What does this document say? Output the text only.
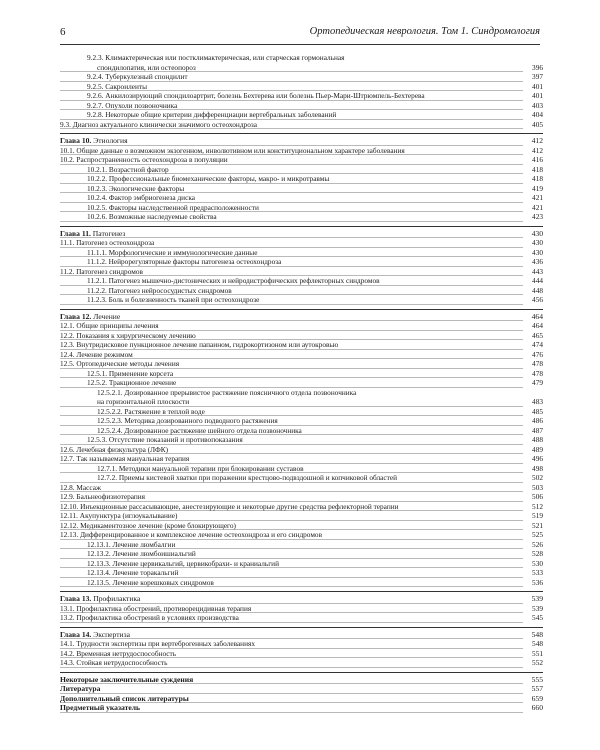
6	Ортопедическая неврология. Том 1. Синдромология
9.2.3. Климактерическая или постклимактерическая, или старческая гормональная
спондилопатия, или остеопороз	396
9.2.4. Туберкулезный спондилит	397
9.2.5. Сакроилеиты	401
9.2.6. Анкилозирующий спондилоартрит, болезнь Бехтерева или болезнь Пьер-Мари-Штрюмпель-Бехтерева	401
9.2.7. Опухоли позвоночника	403
9.2.8. Некоторые общие критерии дифференциации вертебральных заболеваний	404
9.3. Диагноз актуального клинически значимого остеохондроза	405
Глава 10. Этиология	412
10.1. Общие данные о возможном экзогенном, инволютивном или конституциональном характере заболевания	412
10.2. Распространенность остеохондроза в популяции	416
10.2.1. Возрастной фактор	418
10.2.2. Профессиональные биомеханические факторы, макро- и микротравмы	418
10.2.3. Экологические факторы	419
10.2.4. Фактор эмбриогенеза диска	421
10.2.5. Факторы наследственной предрасположенности	421
10.2.6. Возможные наследуемые свойства	423
Глава 11. Патогенез	430
11.1. Патогенез остеохондроза	430
11.1.1. Морфологические и иммунологические данные	430
11.1.2. Нейрорегуляторные факторы патогенеза остеохондроза	436
11.2. Патогенез синдромов	443
11.2.1. Патогенез мышечно-дистонических и нейродистрофических рефлекторных синдромов	444
11.2.2. Патогенез нейрососудистых синдромов	448
11.2.3. Боль и болезненность тканей при остеохондрозе	456
Глава 12. Лечение	464
12.1. Общие принципы лечения	464
12.2. Показания к хирургическому лечению	465
12.3. Внутридисковое пункционное лечение папаином, гидрокортизоном или аутокровью	474
12.4. Лечение режимом	476
12.5. Ортопедические методы лечения	478
12.5.1. Применение корсета	478
12.5.2. Тракционное лечение	479
12.5.2.1. Дозированное прерывистое растяжение поясничного отдела позвоночника
на горизонтальной плоскости	483
12.5.2.2. Растяжение в теплой воде	485
12.5.2.3. Методика дозированного подводного растяжения	486
12.5.2.4. Дозированное растяжение шейного отдела позвоночника	487
12.5.3. Отсутствие показаний и противопоказания	488
12.6. Лечебная физкультура (ЛФК)	489
12.7. Так называемая мануальная терапия	496
12.7.1. Методики мануальной терапии при блокировании суставов	498
12.7.2. Приемы кистевой хватки при поражении крестцово-подвздошной и копчиковой областей	502
12.8. Массаж	503
12.9. Бальнеофизиотерапия	506
12.10. Инъекционные рассасывающие, анестезирующие и некоторые другие средства рефлекторной терапии	512
12.11. Акупунктура (иглоукалывание)	519
12.12. Медикаментозное лечение (кроме блокирующего)	521
12.13. Дифференцированное и комплексное лечение остеохондроза и его синдромов	525
12.13.1. Лечение люмбалгии	526
12.13.2. Лечение люмбоишиальгий	528
12.13.3. Лечение цервикальгий, цервикобрахи- и краниальгий	530
12.13.4. Лечение торакальгий	533
12.13.5. Лечение корешковых синдромов	536
Глава 13. Профилактика	539
13.1. Профилактика обострений, противорецидивная терапия	539
13.2. Профилактика обострений в условиях производства	545
Глава 14. Экспертиза	548
14.1. Трудности экспертизы при вертеброгенных заболеваниях	548
14.2. Временная нетрудоспособность	551
14.3. Стойкая нетрудоспособность	552
Некоторые заключительные суждения	555
Литература	557
Дополнительный список литературы	659
Предметный указатель	660
